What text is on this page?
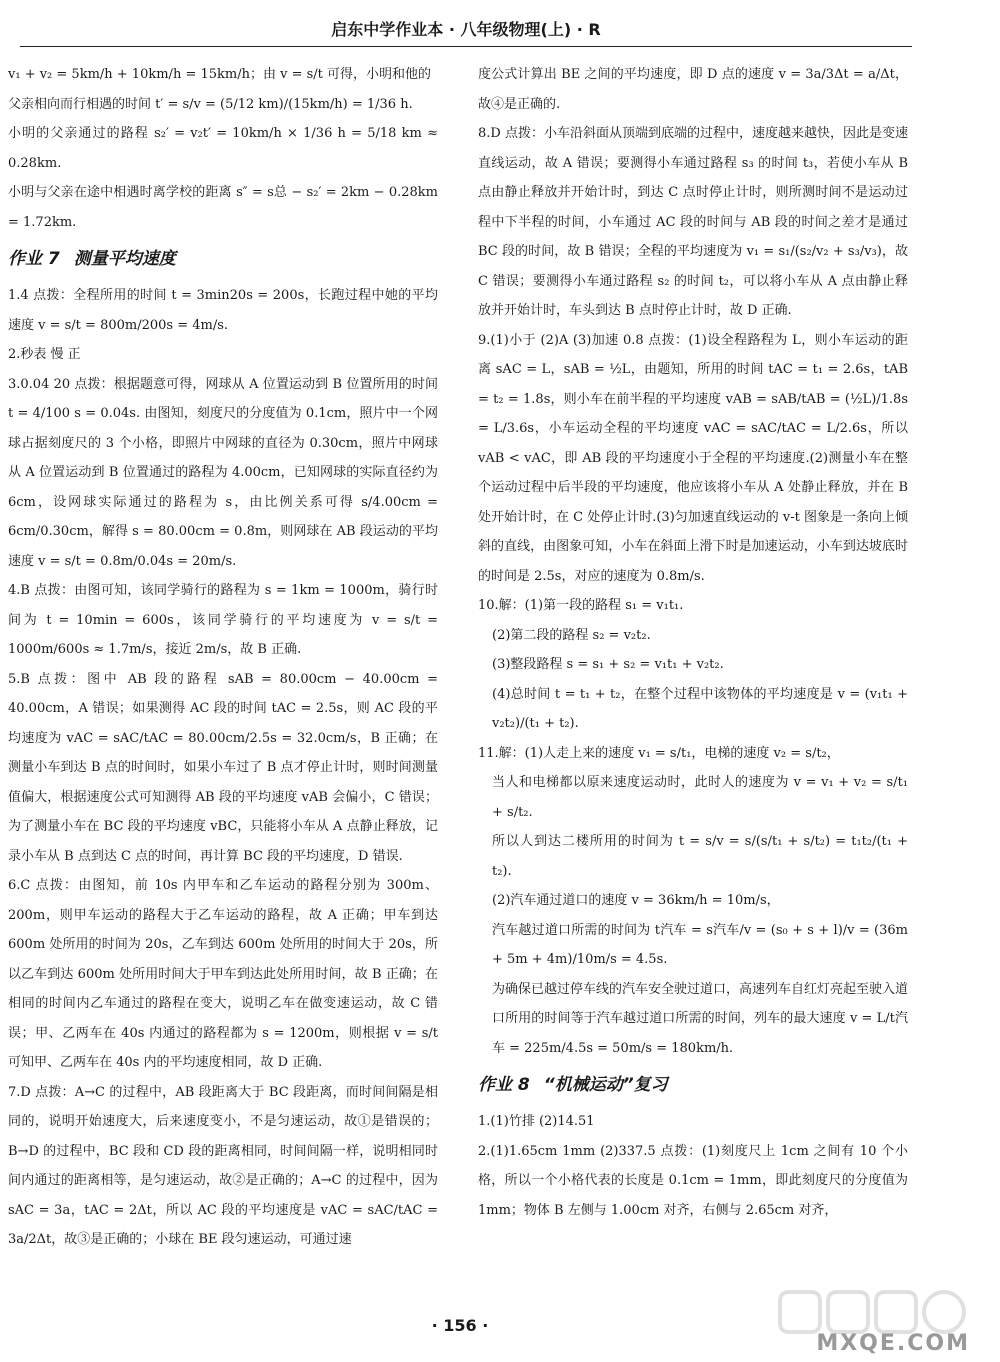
启东中学作业本 · 八年级物理(上) · R

v₁ + v₂ = 5km/h + 10km/h = 15km/h；由 v = s/t 可得，小明和他的

父亲相向而行相遇的时间 t′ = s/v = (5/12 km)/(15km/h) = 1/36 h.

小明的父亲通过的路程 s₂′ = v₂t′ = 10km/h × 1/36 h = 5/18 km ≈ 0.28km.

小明与父亲在途中相遇时离学校的距离 s″ = s总 − s₂′ = 2km − 0.28km = 1.72km.

作业 7 测量平均速度

1.4 点拨：全程所用的时间 t = 3min20s = 200s，长跑过程中她的平均速度 v = s/t = 800m/200s = 4m/s.

2.秒表 慢 正

3.0.04 20 点拨：根据题意可得，网球从 A 位置运动到 B 位置所用的时间 t = 4/100 s = 0.04s. 由图知，刻度尺的分度值为 0.1cm，照片中一个网球占据刻度尺的 3 个小格，即照片中网球的直径为 0.30cm，照片中网球从 A 位置运动到 B 位置通过的路程为 4.00cm，已知网球的实际直径约为 6cm，设网球实际通过的路程为 s，由比例关系可得 s/4.00cm = 6cm/0.30cm，解得 s = 80.00cm = 0.8m，则网球在 AB 段运动的平均速度 v = s/t = 0.8m/0.04s = 20m/s.

4.B 点拨：由图可知，该同学骑行的路程为 s = 1km = 1000m，骑行时间为 t = 10min = 600s，该同学骑行的平均速度为 v = s/t = 1000m/600s ≈ 1.7m/s，接近 2m/s，故 B 正确.

5.B 点拨：图中 AB 段的路程 sAB = 80.00cm − 40.00cm = 40.00cm，A 错误；如果测得 AC 段的时间 tAC = 2.5s，则 AC 段的平均速度为 vAC = sAC/tAC = 80.00cm/2.5s = 32.0cm/s，B 正确；在测量小车到达 B 点的时间时，如果小车过了 B 点才停止计时，则时间测量值偏大，根据速度公式可知测得 AB 段的平均速度 vAB 会偏小，C 错误；为了测量小车在 BC 段的平均速度 vBC，只能将小车从 A 点静止释放，记录小车从 B 点到达 C 点的时间，再计算 BC 段的平均速度，D 错误.

6.C 点拨：由图知，前 10s 内甲车和乙车运动的路程分别为 300m、200m，则甲车运动的路程大于乙车运动的路程，故 A 正确；甲车到达 600m 处所用的时间为 20s，乙车到达 600m 处所用的时间大于 20s，所以乙车到达 600m 处所用时间大于甲车到达此处所用时间，故 B 正确；在相同的时间内乙车通过的路程在变大，说明乙车在做变速运动，故 C 错误；甲、乙两车在 40s 内通过的路程都为 s = 1200m，则根据 v = s/t 可知甲、乙两车在 40s 内的平均速度相同，故 D 正确.

7.D 点拨：A→C 的过程中，AB 段距离大于 BC 段距离，而时间间隔是相同的，说明开始速度大，后来速度变小，不是匀速运动，故①是错误的；B→D 的过程中，BC 段和 CD 段的距离相同，时间间隔一样，说明相同时间内通过的距离相等，是匀速运动，故②是正确的；A→C 的过程中，因为 sAC = 3a，tAC = 2Δt，所以 AC 段的平均速度是 vAC = sAC/tAC = 3a/2Δt，故③是正确的；小球在 BE 段匀速运动，可通过速

度公式计算出 BE 之间的平均速度，即 D 点的速度 v = 3a/3Δt = a/Δt，故④是正确的.

8.D 点拨：小车沿斜面从顶端到底端的过程中，速度越来越快，因此是变速直线运动，故 A 错误；要测得小车通过路程 s₃ 的时间 t₃，若使小车从 B 点由静止释放并开始计时，到达 C 点时停止计时，则所测时间不是运动过程中下半程的时间，小车通过 AC 段的时间与 AB 段的时间之差才是通过 BC 段的时间，故 B 错误；全程的平均速度为 v₁ = s₁/(s₂/v₂ + s₃/v₃)，故 C 错误；要测得小车通过路程 s₂ 的时间 t₂，可以将小车从 A 点由静止释放并开始计时，车头到达 B 点时停止计时，故 D 正确.

9.(1)小于 (2)A (3)加速 0.8 点拨：(1)设全程路程为 L，则小车运动的距离 sAC = L，sAB = ½L，由题知，所用的时间 tAC = t₁ = 2.6s，tAB = t₂ = 1.8s，则小车在前半程的平均速度 vAB = sAB/tAB = (½L)/1.8s = L/3.6s，小车运动全程的平均速度 vAC = sAC/tAC = L/2.6s，所以 vAB < vAC，即 AB 段的平均速度小于全程的平均速度.(2)测量小车在整个运动过程中后半段的平均速度，他应该将小车从 A 处静止释放，并在 B 处开始计时，在 C 处停止计时.(3)匀加速直线运动的 v-t 图象是一条向上倾斜的直线，由图象可知，小车在斜面上滑下时是加速运动，小车到达坡底时的时间是 2.5s，对应的速度为 0.8m/s.

10.解：(1)第一段的路程 s₁ = v₁t₁.

(2)第二段的路程 s₂ = v₂t₂.

(3)整段路程 s = s₁ + s₂ = v₁t₁ + v₂t₂.

(4)总时间 t = t₁ + t₂，在整个过程中该物体的平均速度是 v = (v₁t₁ + v₂t₂)/(t₁ + t₂).

11.解：(1)人走上来的速度 v₁ = s/t₁，电梯的速度 v₂ = s/t₂，

当人和电梯都以原来速度运动时，此时人的速度为 v = v₁ + v₂ = s/t₁ + s/t₂.

所以人到达二楼所用的时间为 t = s/v = s/(s/t₁ + s/t₂) = t₁t₂/(t₁ + t₂).

(2)汽车通过道口的速度 v = 36km/h = 10m/s，

汽车越过道口所需的时间为 t汽车 = s汽车/v = (s₀ + s + l)/v = (36m + 5m + 4m)/10m/s = 4.5s.

为确保已越过停车线的汽车安全驶过道口，高速列车自红灯亮起至驶入道口所用的时间等于汽车越过道口所需的时间，列车的最大速度 v = L/t汽车 = 225m/4.5s = 50m/s = 180km/h.

作业 8 “机械运动”复习

1.(1)竹排 (2)14.51

2.(1)1.65cm 1mm (2)337.5 点拨：(1)刻度尺上 1cm 之间有 10 个小格，所以一个小格代表的长度是 0.1cm = 1mm，即此刻度尺的分度值为 1mm；物体 B 左侧与 1.00cm 对齐，右侧与 2.65cm 对齐，

· 156 ·
MXQE.COM
